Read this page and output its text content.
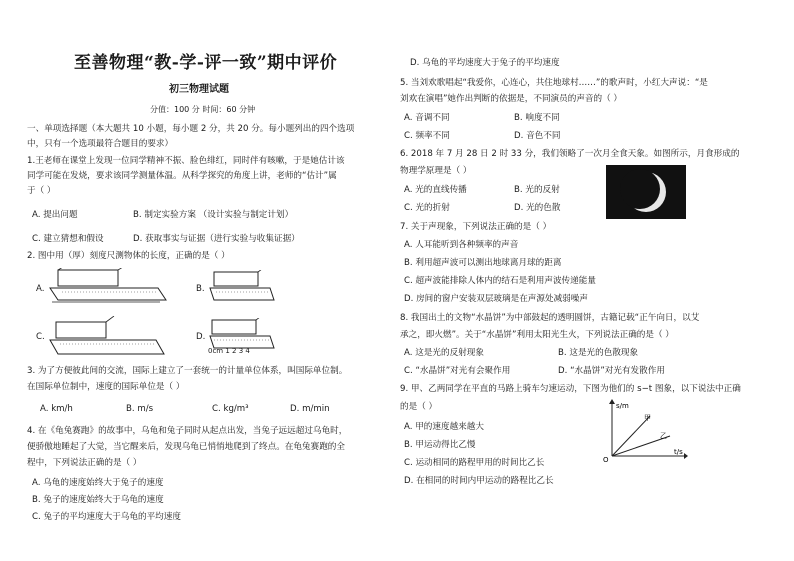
至善物理“教-学-评一致”期中评价
初三物理试题
分值：100 分 时间：60 分钟
一、单项选择题（本大题共 10 小题，每小题 2 分，共 20 分。每小题列出的四个选项
中，只有一个选项最符合题目的要求）
1.王老师在课堂上发现一位同学精神不振、脸色绯红，同时伴有咳嗽，于是她估计该
同学可能在发烧，要求该同学测量体温。从科学探究的角度上讲，老师的“估计”属
于（ ）
A. 提出问题	B. 制定实验方案 （设计实验与制定计划）
C. 建立猜想和假设	D. 获取事实与证据（进行实验与收集证据）
2. 图中用（厚）刻度尺测物体的长度，正确的是（ ）
A.	B.
C.	D.
0cm 1 2 3 4
3. 为了方便彼此间的交流，国际上建立了一套统一的计量单位体系，叫国际单位制。
在国际单位制中，速度的国际单位是（ ）
A. km/h	B. m/s	C. kg/m³	D. m/min
4. 在《龟兔赛跑》的故事中，乌龟和兔子同时从起点出发，当兔子远远超过乌龟时，
便骄傲地睡起了大觉，当它醒来后，发现乌龟已悄悄地爬到了终点。在龟兔赛跑的全
程中，下列说法正确的是（ ）
A. 乌龟的速度始终大于兔子的速度
B. 兔子的速度始终大于乌龟的速度
C. 兔子的平均速度大于乌龟的平均速度
D. 乌龟的平均速度大于兔子的平均速度
5. 当刘欢歌唱起“我爱你，心连心，共住地球村……”的歌声时，小红大声说：“是
刘欢在演唱”她作出判断的依据是，不同演员的声音的（ ）
A. 音调不同	B. 响度不同
C. 频率不同	D. 音色不同
6. 2018 年 7 月 28 日 2 时 33 分，我们领略了一次月全食天象。如图所示，月食形成的
物理学原理是（ ）
A. 光的直线传播	B. 光的反射
C. 光的折射	D. 光的色散
7. 关于声现象，下列说法正确的是（ ）
A. 人耳能听到各种频率的声音
B. 利用超声波可以测出地球离月球的距离
C. 超声波能排除人体内的结石是利用声波传递能量
D. 房间的窗户安装双层玻璃是在声源处减弱噪声
8. 我国出土的文物“水晶饼”为中部鼓起的透明圆饼，古籍记载“正午向日，以艾
承之，即火燃”。关于“水晶饼”利用太阳光生火，下列说法正确的是（ ）
A. 这是光的反射现象	B. 这是光的色散现象
C. “水晶饼”对光有会聚作用	D. “水晶饼”对光有发散作用
9. 甲、乙两同学在平直的马路上骑车匀速运动，下图为他们的 s−t 图象，以下说法中正确
的是（ ）
A. 甲的速度越来越大
B. 甲运动得比乙慢
C. 运动相同的路程甲用的时间比乙长
D. 在相同的时间内甲运动的路程比乙长
s/m
t/s
O
甲
乙
